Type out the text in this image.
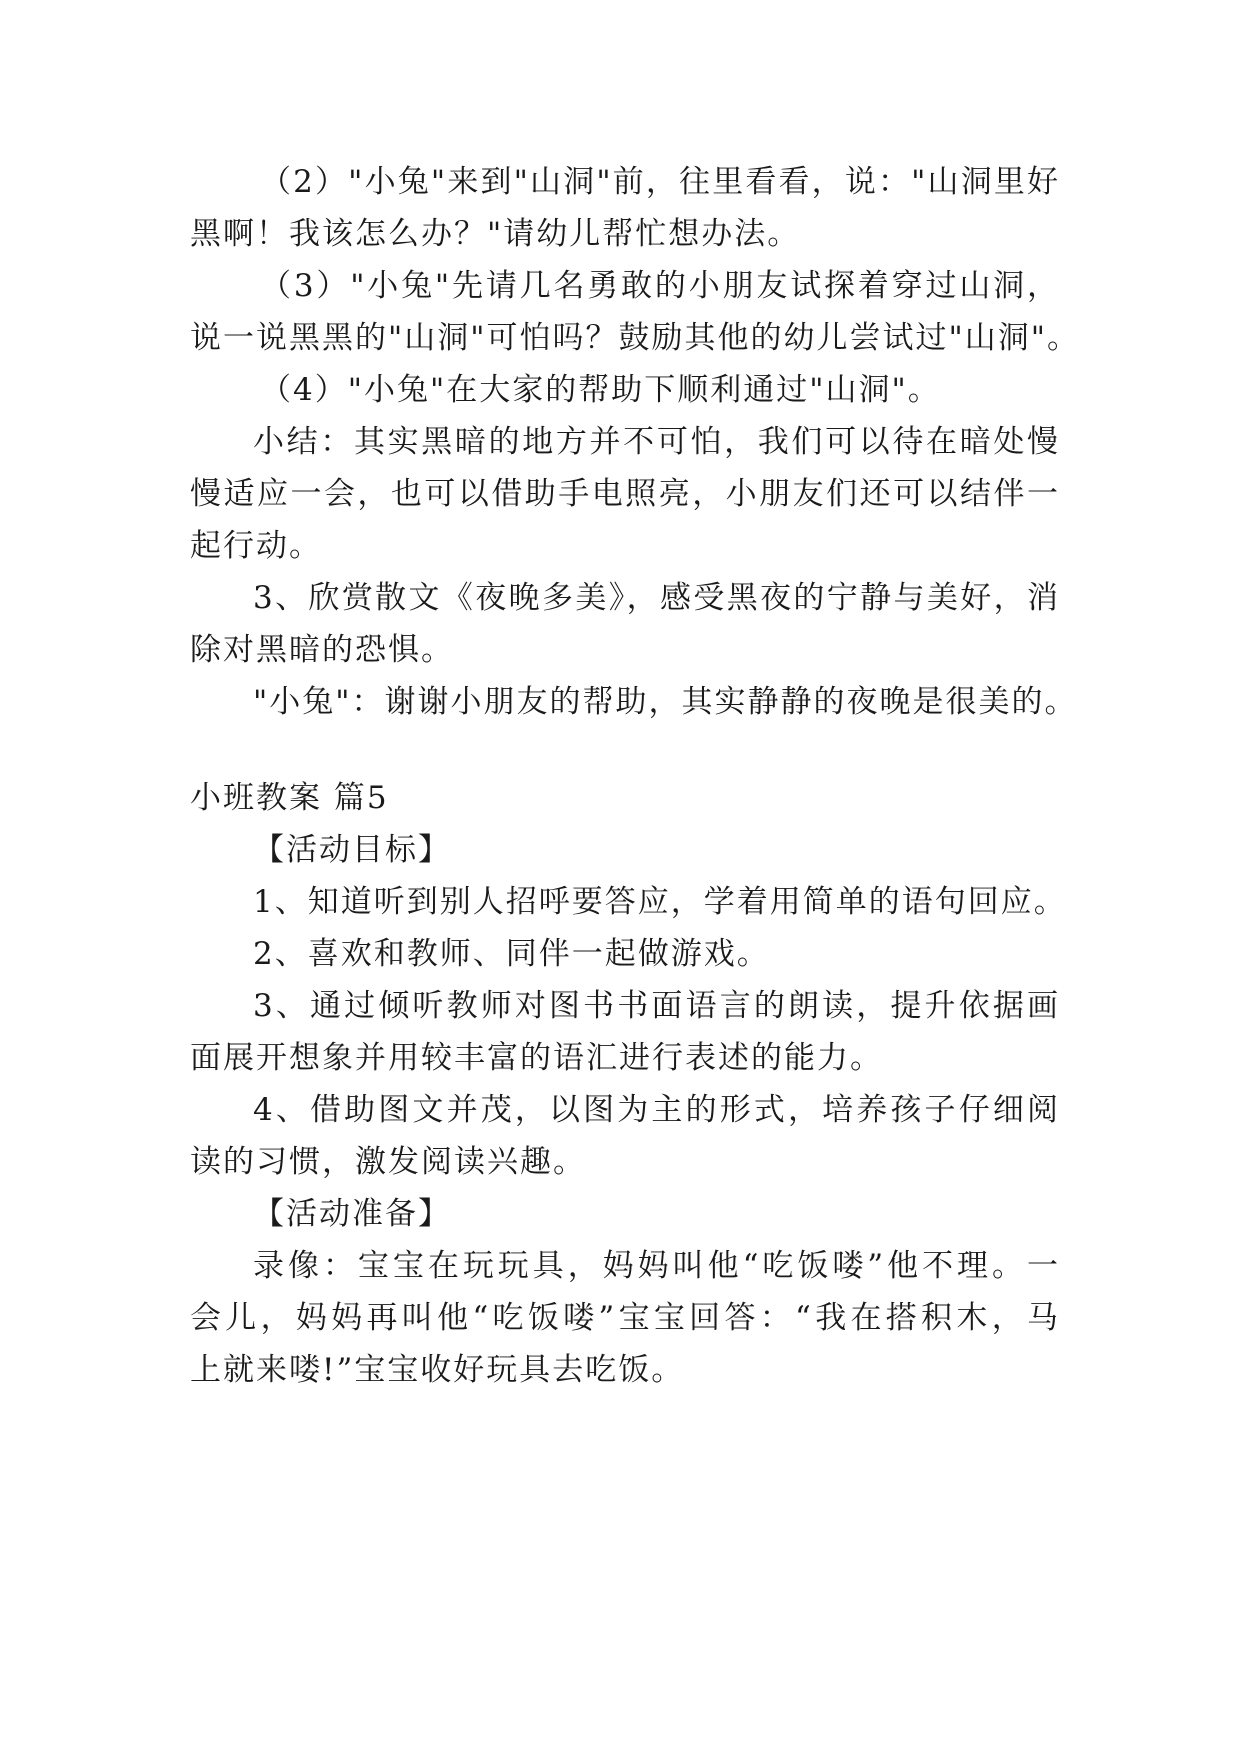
（2）"小兔"来到"山洞"前，往里看看，说："山洞里好
黑啊！我该怎么办？"请幼儿帮忙想办法。
（3）"小兔"先请几名勇敢的小朋友试探着穿过山洞，
说一说黑黑的"山洞"可怕吗？鼓励其他的幼儿尝试过"山洞"。
（4）"小兔"在大家的帮助下顺利通过"山洞"。
小结：其实黑暗的地方并不可怕，我们可以待在暗处慢
慢适应一会，也可以借助手电照亮，小朋友们还可以结伴一
起行动。
3、欣赏散文《夜晚多美》，感受黑夜的宁静与美好，消
除对黑暗的恐惧。
"小兔"：谢谢小朋友的帮助，其实静静的夜晚是很美的。
小班教案 篇5
【活动目标】
1、知道听到别人招呼要答应，学着用简单的语句回应。
2、喜欢和教师、同伴一起做游戏。
3、通过倾听教师对图书书面语言的朗读，提升依据画
面展开想象并用较丰富的语汇进行表述的能力。
4、借助图文并茂，以图为主的形式，培养孩子仔细阅
读的习惯，激发阅读兴趣。
【活动准备】
录像：宝宝在玩玩具，妈妈叫他“吃饭喽”他不理。一
会儿，妈妈再叫他“吃饭喽”宝宝回答：“我在搭积木，马
上就来喽!”宝宝收好玩具去吃饭。
